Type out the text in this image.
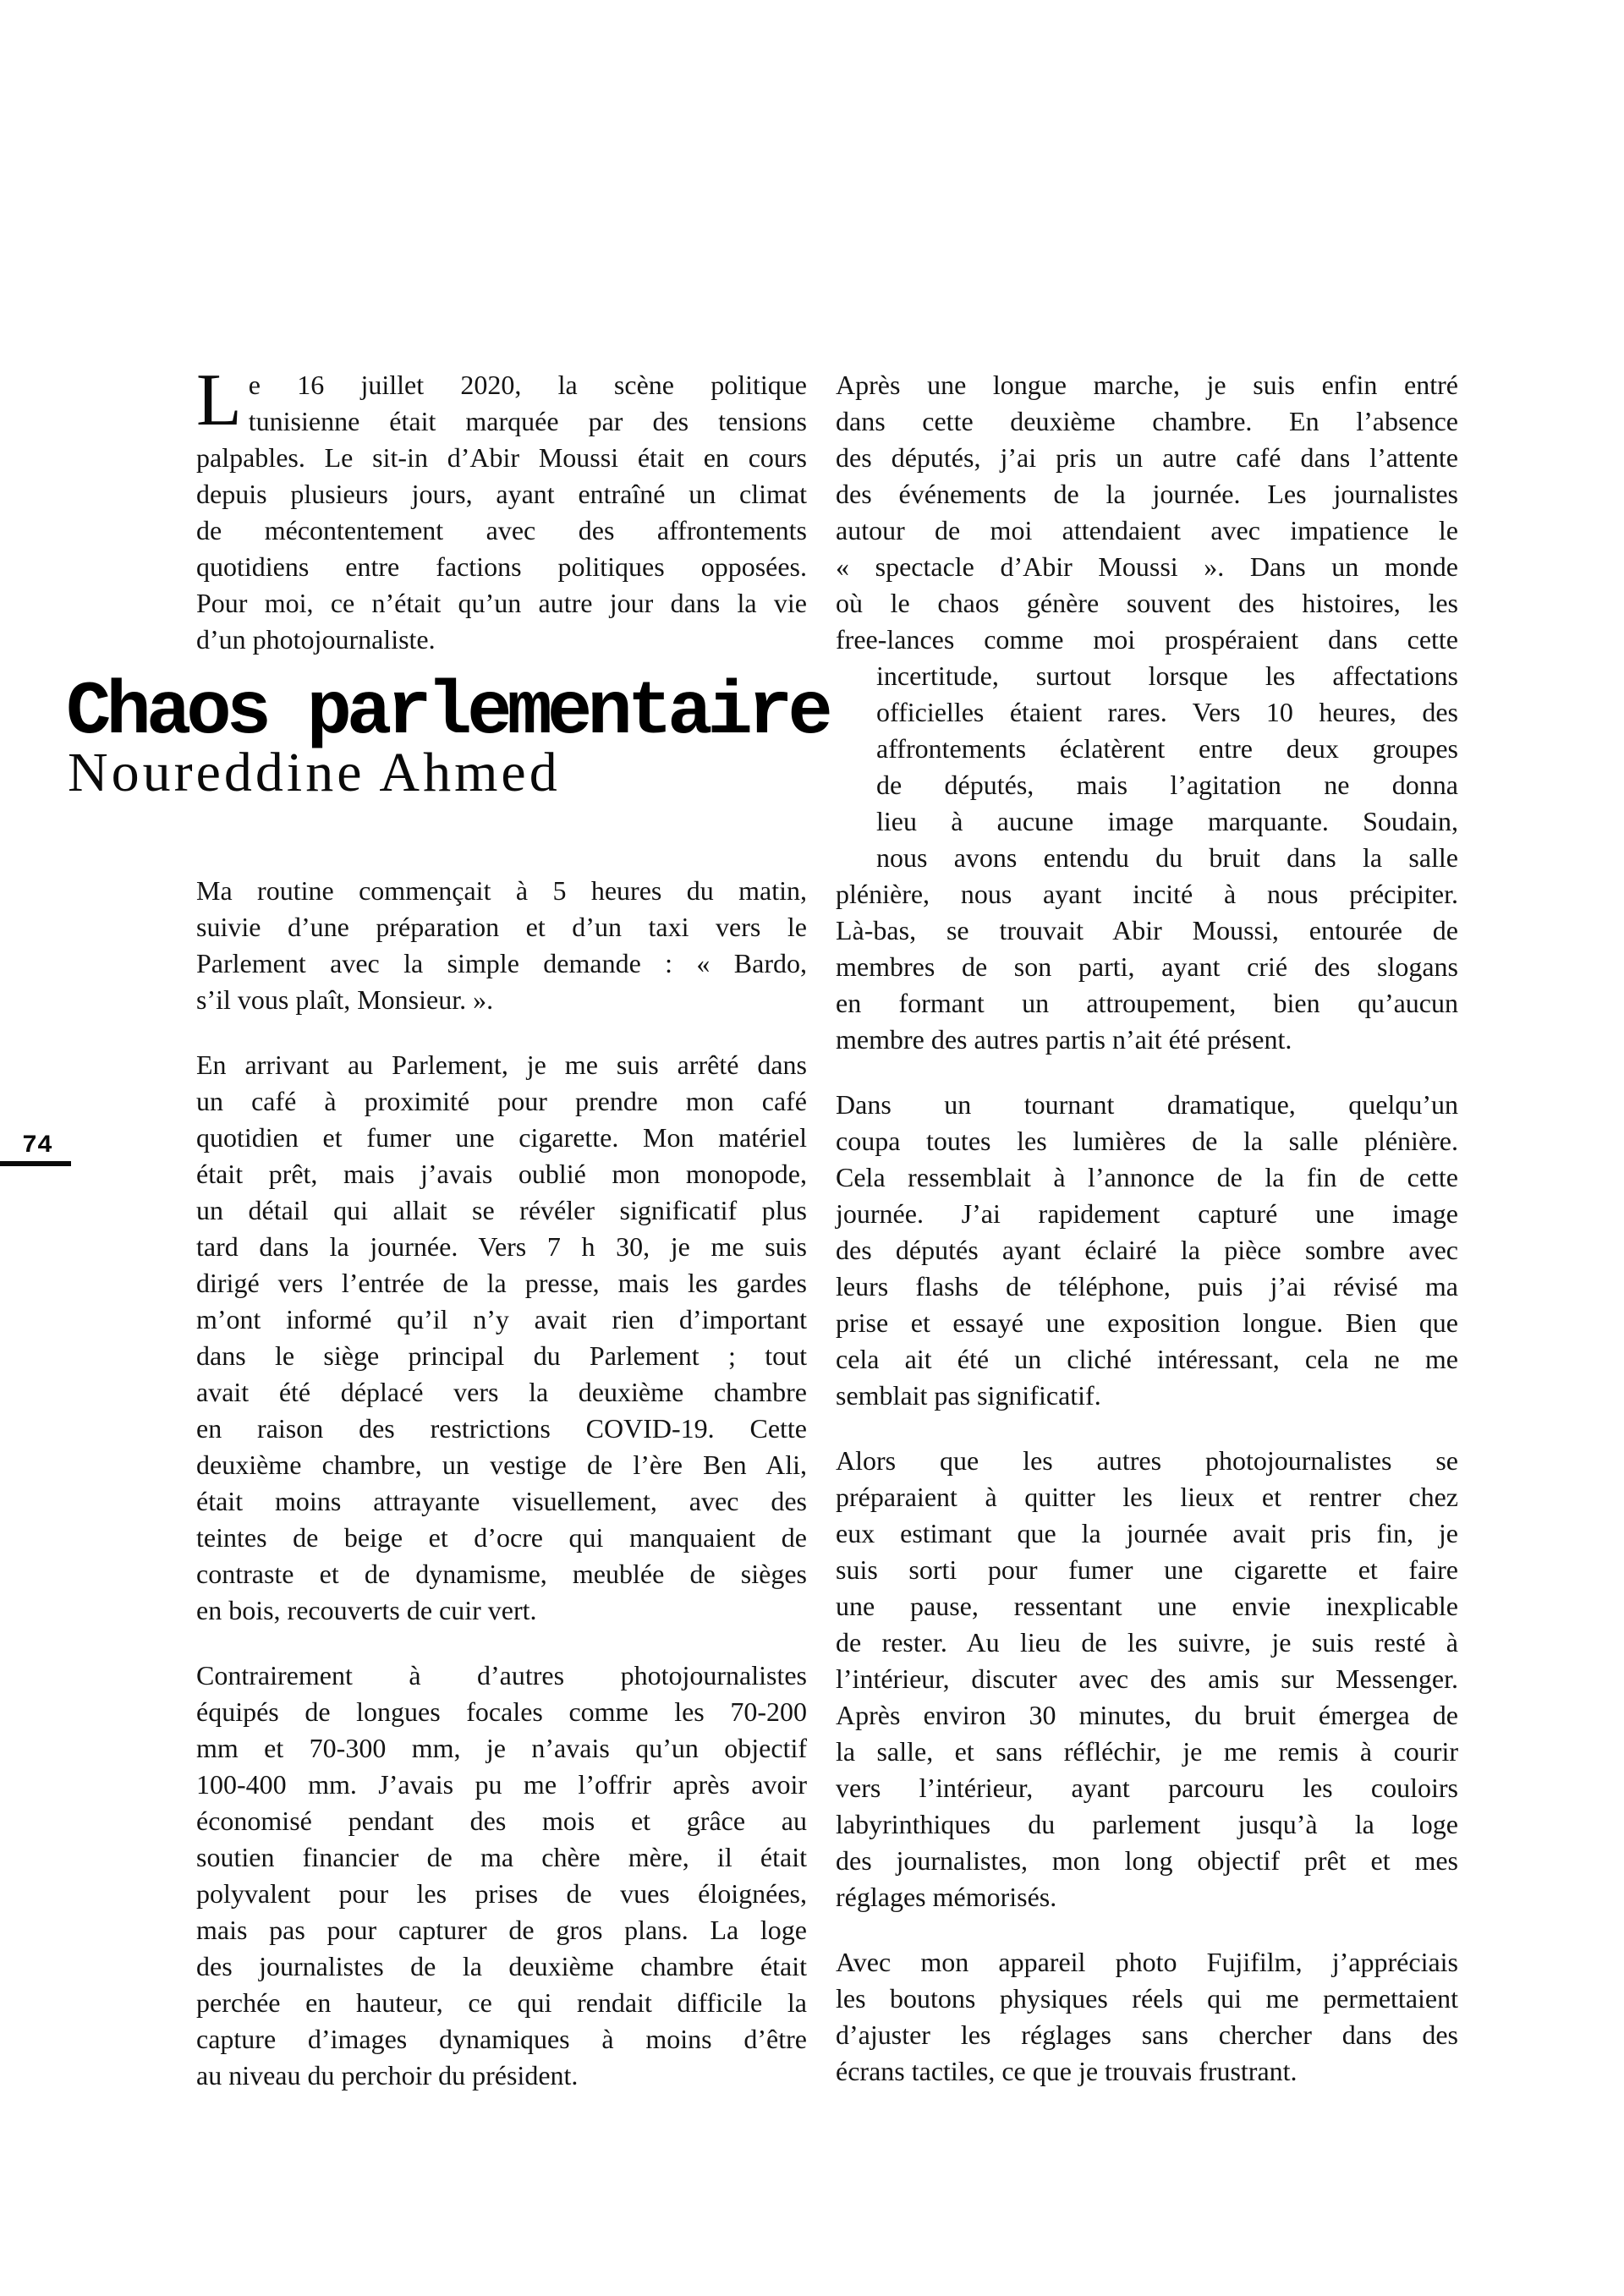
74
Chaos parlementaire
Noureddine Ahmed
L e 16 juillet 2020, la scène politique
tunisienne était marquée par des tensions
palpables. Le sit-in d’Abir Moussi était en cours
depuis plusieurs jours, ayant entraîné un climat
de mécontentement avec des affrontements
quotidiens entre factions politiques opposées.
Pour moi, ce n’était qu’un autre jour dans la vie
d’un photojournaliste.
Ma routine commençait à 5 heures du matin,
suivie d’une préparation et d’un taxi vers le
Parlement avec la simple demande : « Bardo,
s’il vous plaît, Monsieur. ».
En arrivant au Parlement, je me suis arrêté dans
un café à proximité pour prendre mon café
quotidien et fumer une cigarette. Mon matériel
était prêt, mais j’avais oublié mon monopode,
un détail qui allait se révéler significatif plus
tard dans la journée. Vers 7 h 30, je me suis
dirigé vers l’entrée de la presse, mais les gardes
m’ont informé qu’il n’y avait rien d’important
dans le siège principal du Parlement ; tout
avait été déplacé vers la deuxième chambre
en raison des restrictions COVID-19. Cette
deuxième chambre, un vestige de l’ère Ben Ali,
était moins attrayante visuellement, avec des
teintes de beige et d’ocre qui manquaient de
contraste et de dynamisme, meublée de sièges
en bois, recouverts de cuir vert.
Contrairement à d’autres photojournalistes
équipés de longues focales comme les 70-200
mm et 70-300 mm, je n’avais qu’un objectif
100-400 mm. J’avais pu me l’offrir après avoir
économisé pendant des mois et grâce au
soutien financier de ma chère mère, il était
polyvalent pour les prises de vues éloignées,
mais pas pour capturer de gros plans. La loge
des journalistes de la deuxième chambre était
perchée en hauteur, ce qui rendait difficile la
capture d’images dynamiques à moins d’être
au niveau du perchoir du président.
Après une longue marche, je suis enfin entré
dans cette deuxième chambre. En l’absence
des députés, j’ai pris un autre café dans l’attente
des événements de la journée. Les journalistes
autour de moi attendaient avec impatience le
« spectacle d’Abir Moussi ». Dans un monde
où le chaos génère souvent des histoires, les
free-lances comme moi prospéraient dans cette
incertitude, surtout lorsque les affectations
officielles étaient rares. Vers 10 heures, des
affrontements éclatèrent entre deux groupes
de députés, mais l’agitation ne donna
lieu à aucune image marquante. Soudain,
nous avons entendu du bruit dans la salle
plénière, nous ayant incité à nous précipiter.
Là-bas, se trouvait Abir Moussi, entourée de
membres de son parti, ayant crié des slogans
en formant un attroupement, bien qu’aucun
membre des autres partis n’ait été présent.
Dans un tournant dramatique, quelqu’un
coupa toutes les lumières de la salle plénière.
Cela ressemblait à l’annonce de la fin de cette
journée. J’ai rapidement capturé une image
des députés ayant éclairé la pièce sombre avec
leurs flashs de téléphone, puis j’ai révisé ma
prise et essayé une exposition longue. Bien que
cela ait été un cliché intéressant, cela ne me
semblait pas significatif.
Alors que les autres photojournalistes se
préparaient à quitter les lieux et rentrer chez
eux estimant que la journée avait pris fin, je
suis sorti pour fumer une cigarette et faire
une pause, ressentant une envie inexplicable
de rester. Au lieu de les suivre, je suis resté à
l’intérieur, discuter avec des amis sur Messenger.
Après environ 30 minutes, du bruit émergea de
la salle, et sans réfléchir, je me remis à courir
vers l’intérieur, ayant parcouru les couloirs
labyrinthiques du parlement jusqu’à la loge
des journalistes, mon long objectif prêt et mes
réglages mémorisés.
Avec mon appareil photo Fujifilm, j’appréciais
les boutons physiques réels qui me permettaient
d’ajuster les réglages sans chercher dans des
écrans tactiles, ce que je trouvais frustrant.
